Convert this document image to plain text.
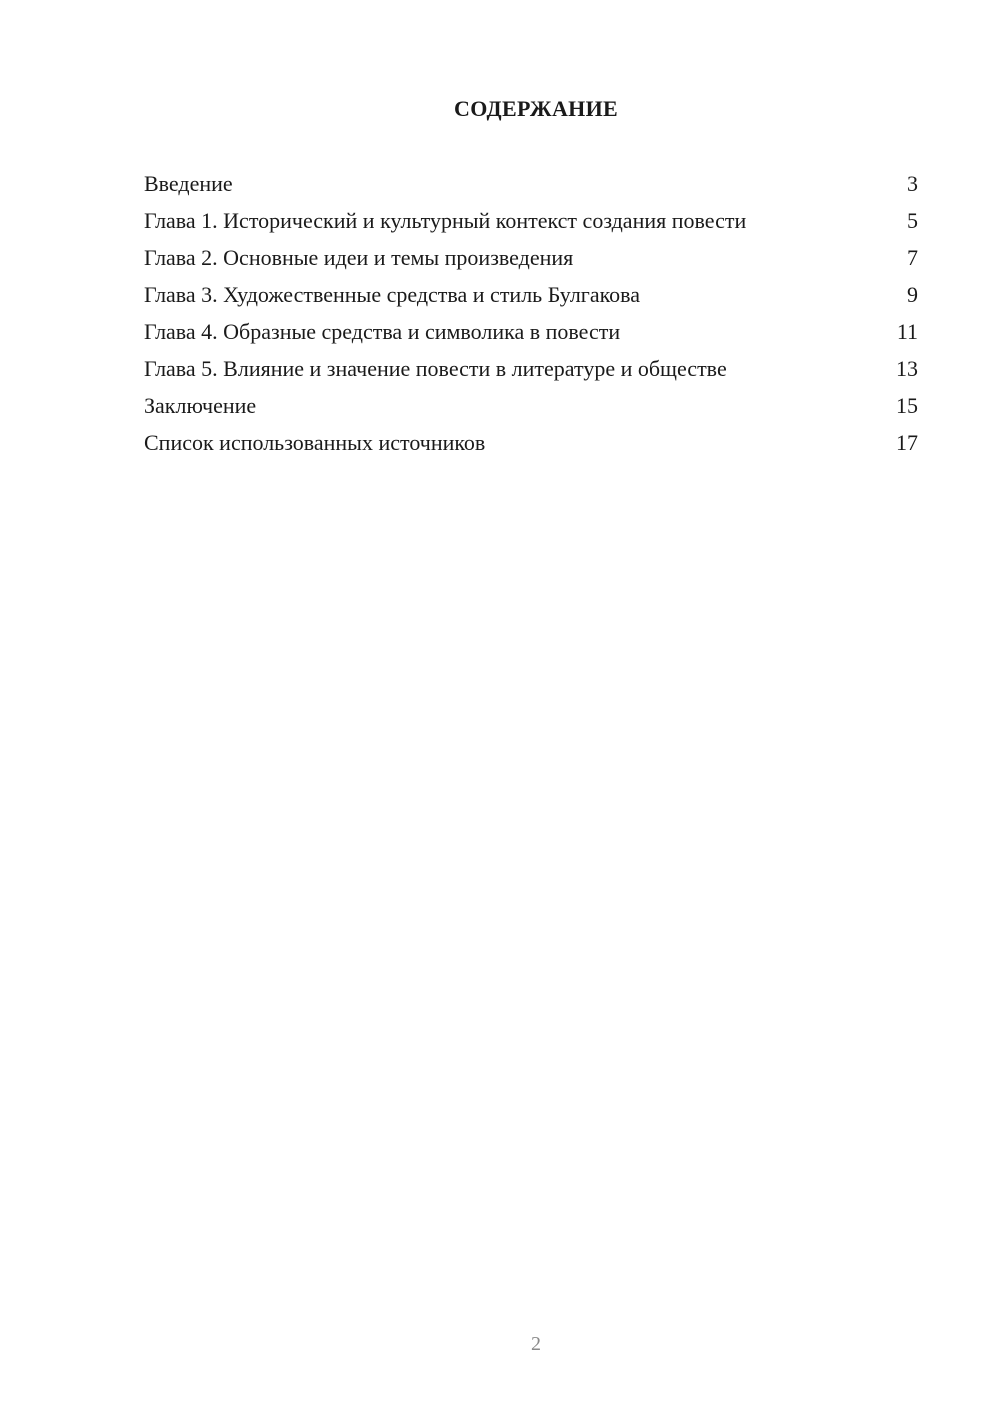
СОДЕРЖАНИЕ
Введение	3
Глава 1. Исторический и культурный контекст создания повести	5
Глава 2. Основные идеи и темы произведения	7
Глава 3. Художественные средства и стиль Булгакова	9
Глава 4. Образные средства и символика в повести	11
Глава 5. Влияние и значение повести в литературе и обществе	13
Заключение	15
Список использованных источников	17
2
